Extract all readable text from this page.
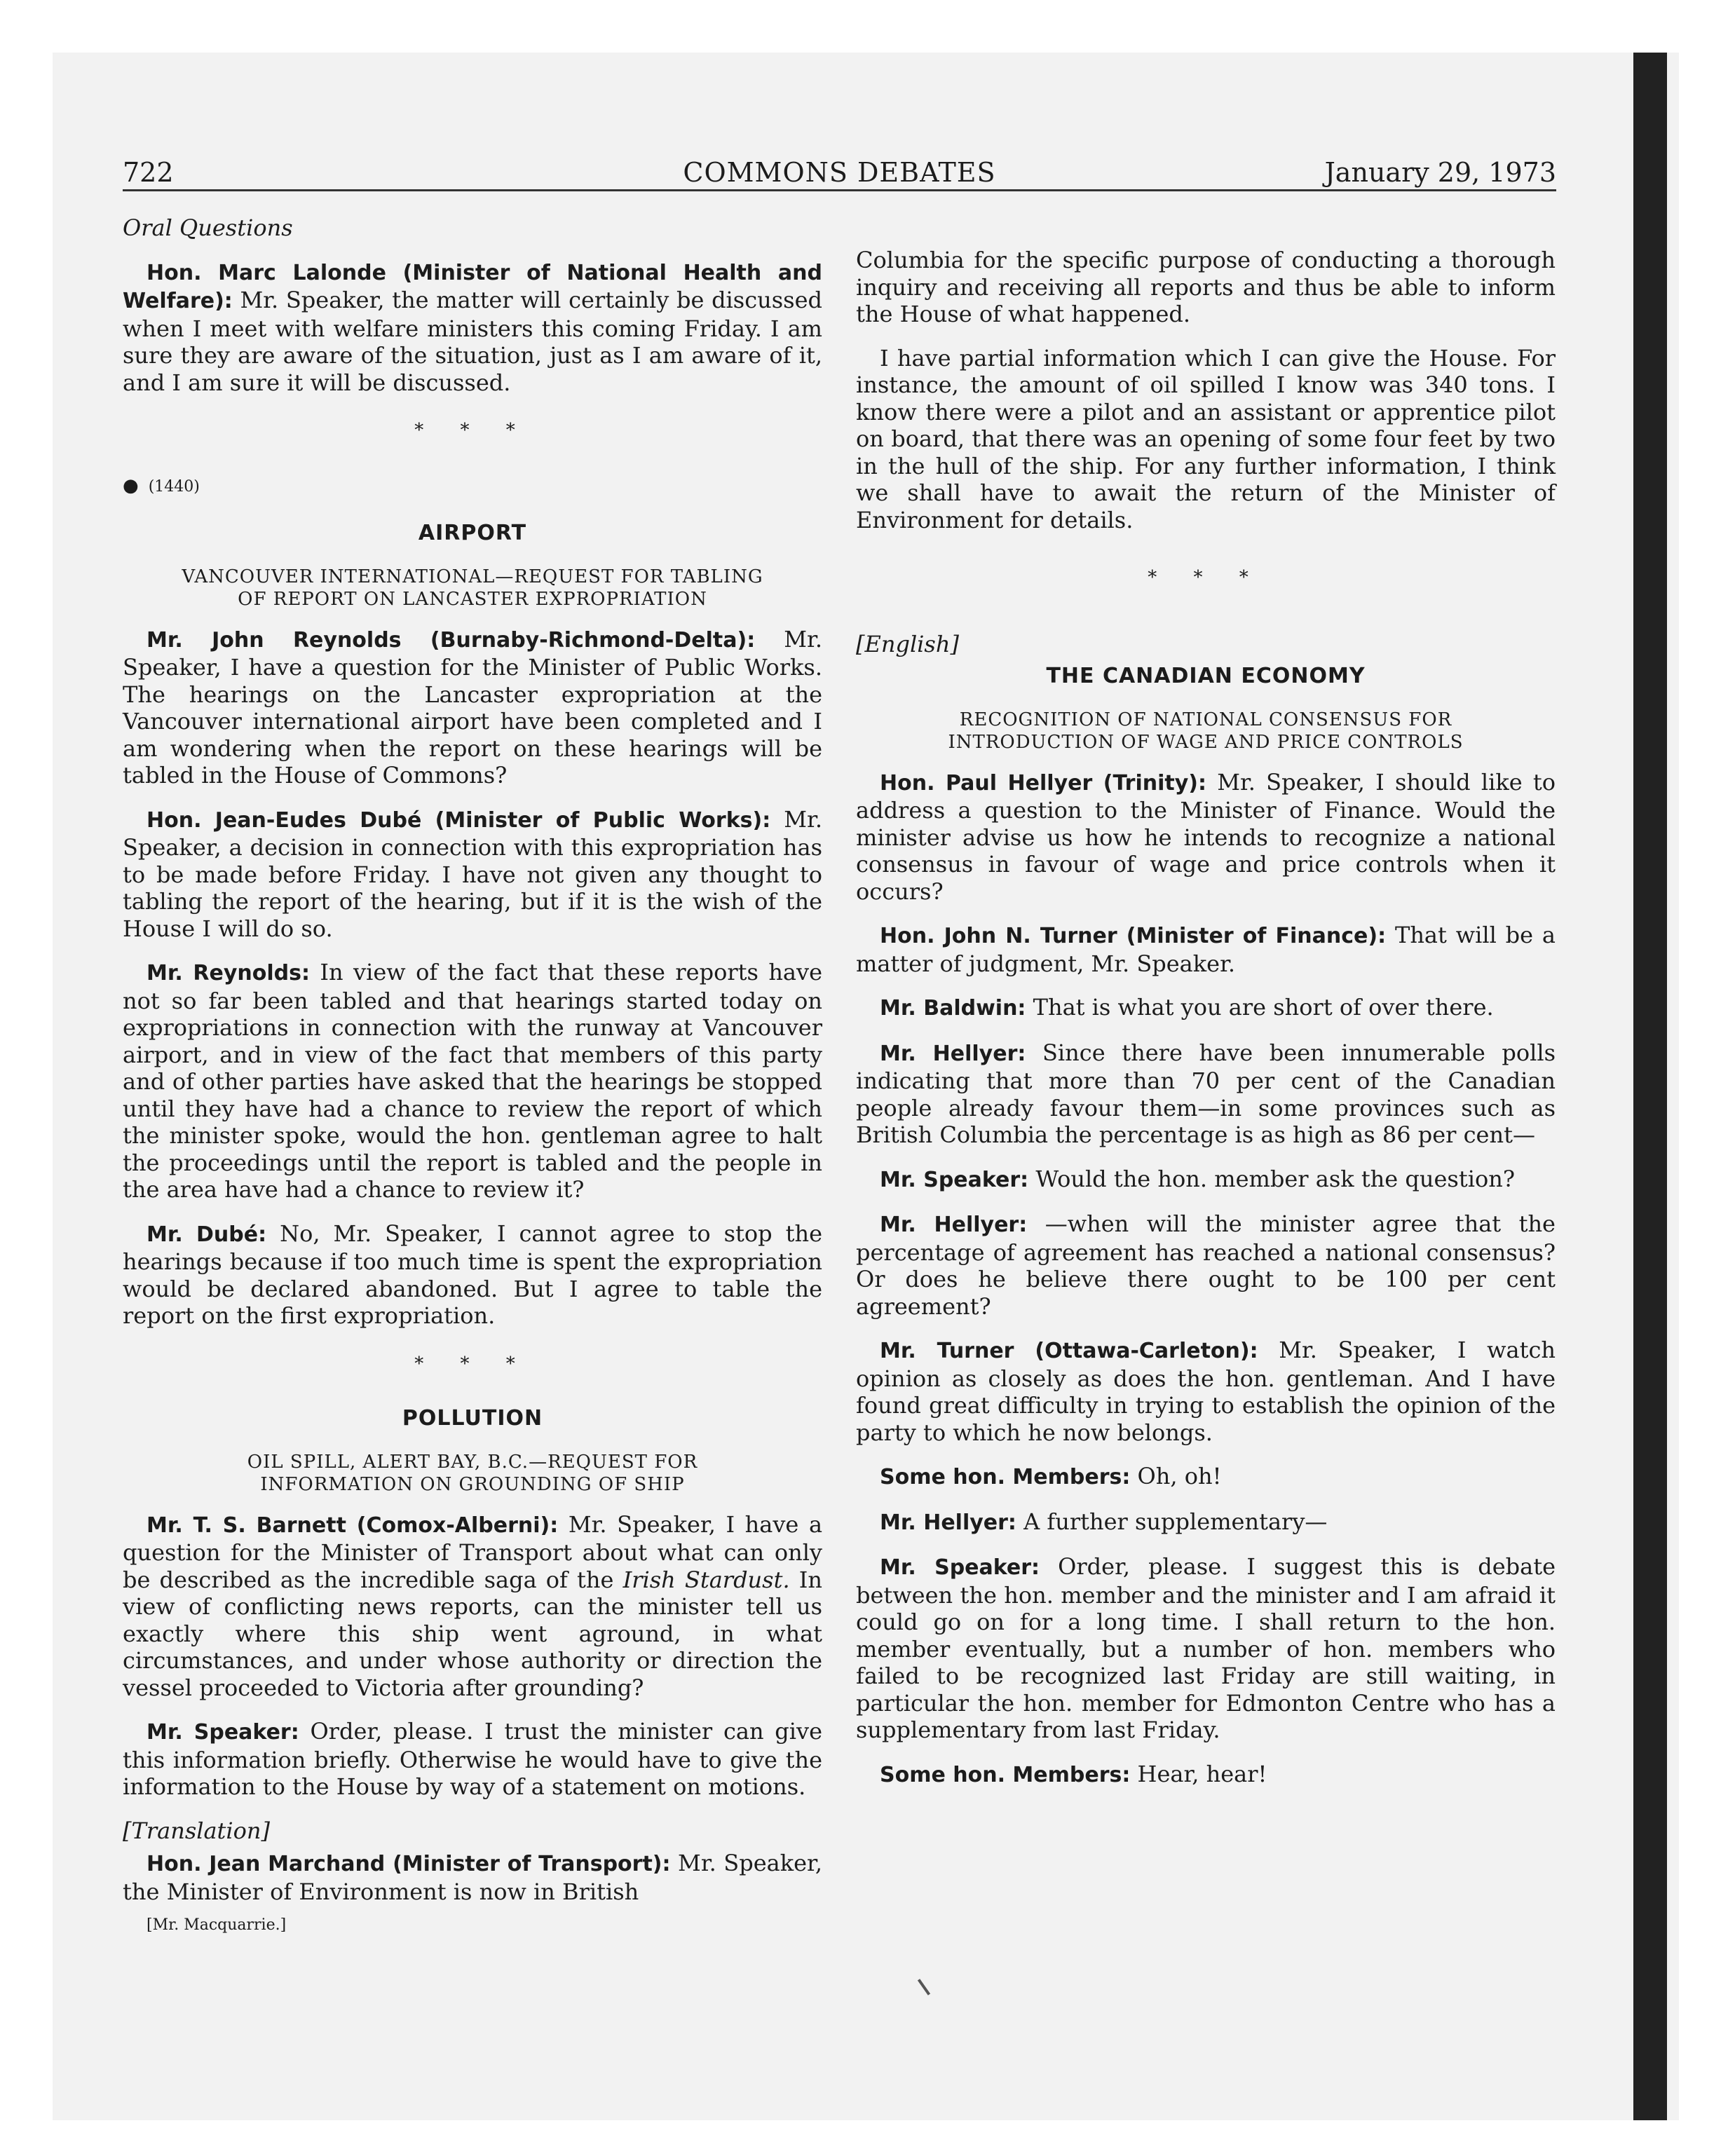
722	COMMONS DEBATES	January 29, 1973

Oral Questions

Hon. Marc Lalonde (Minister of National Health and Welfare): Mr. Speaker, the matter will certainly be discussed when I meet with welfare ministers this coming Friday. I am sure they are aware of the situation, just as I am aware of it, and I am sure it will be discussed.

* * *
● (1440)
AIRPORT
VANCOUVER INTERNATIONAL—REQUEST FOR TABLING
OF REPORT ON LANCASTER EXPROPRIATION

Mr. John Reynolds (Burnaby-Richmond-Delta): Mr. Speaker, I have a question for the Minister of Public Works. The hearings on the Lancaster expropriation at the Vancouver international airport have been completed and I am wondering when the report on these hearings will be tabled in the House of Commons?

Hon. Jean-Eudes Dubé (Minister of Public Works): Mr. Speaker, a decision in connection with this expropriation has to be made before Friday. I have not given any thought to tabling the report of the hearing, but if it is the wish of the House I will do so.

Mr. Reynolds: In view of the fact that these reports have not so far been tabled and that hearings started today on expropriations in connection with the runway at Vancouver airport, and in view of the fact that members of this party and of other parties have asked that the hearings be stopped until they have had a chance to review the report of which the minister spoke, would the hon. gentleman agree to halt the proceedings until the report is tabled and the people in the area have had a chance to review it?

Mr. Dubé: No, Mr. Speaker, I cannot agree to stop the hearings because if too much time is spent the expropriation would be declared abandoned. But I agree to table the report on the first expropriation.

* * *
POLLUTION
OIL SPILL, ALERT BAY, B.C.—REQUEST FOR
INFORMATION ON GROUNDING OF SHIP

Mr. T. S. Barnett (Comox-Alberni): Mr. Speaker, I have a question for the Minister of Transport about what can only be described as the incredible saga of the Irish Stardust. In view of conflicting news reports, can the minister tell us exactly where this ship went aground, in what circumstances, and under whose authority or direction the vessel proceeded to Victoria after grounding?

Mr. Speaker: Order, please. I trust the minister can give this information briefly. Otherwise he would have to give the information to the House by way of a statement on motions.

[Translation]

Hon. Jean Marchand (Minister of Transport): Mr. Speaker, the Minister of Environment is now in British

[Mr. Macquarrie.]

Columbia for the specific purpose of conducting a thorough inquiry and receiving all reports and thus be able to inform the House of what happened.

I have partial information which I can give the House. For instance, the amount of oil spilled I know was 340 tons. I know there were a pilot and an assistant or apprentice pilot on board, that there was an opening of some four feet by two in the hull of the ship. For any further information, I think we shall have to await the return of the Minister of Environment for details.

* * *
[English]
THE CANADIAN ECONOMY
RECOGNITION OF NATIONAL CONSENSUS FOR
INTRODUCTION OF WAGE AND PRICE CONTROLS

Hon. Paul Hellyer (Trinity): Mr. Speaker, I should like to address a question to the Minister of Finance. Would the minister advise us how he intends to recognize a national consensus in favour of wage and price controls when it occurs?

Hon. John N. Turner (Minister of Finance): That will be a matter of judgment, Mr. Speaker.

Mr. Baldwin: That is what you are short of over there.

Mr. Hellyer: Since there have been innumerable polls indicating that more than 70 per cent of the Canadian people already favour them—in some provinces such as British Columbia the percentage is as high as 86 per cent—

Mr. Speaker: Would the hon. member ask the question?

Mr. Hellyer: —when will the minister agree that the percentage of agreement has reached a national consensus? Or does he believe there ought to be 100 per cent agreement?

Mr. Turner (Ottawa-Carleton): Mr. Speaker, I watch opinion as closely as does the hon. gentleman. And I have found great difficulty in trying to establish the opinion of the party to which he now belongs.

Some hon. Members: Oh, oh!

Mr. Hellyer: A further supplementary—

Mr. Speaker: Order, please. I suggest this is debate between the hon. member and the minister and I am afraid it could go on for a long time. I shall return to the hon. member eventually, but a number of hon. members who failed to be recognized last Friday are still waiting, in particular the hon. member for Edmonton Centre who has a supplementary from last Friday.

Some hon. Members: Hear, hear!
